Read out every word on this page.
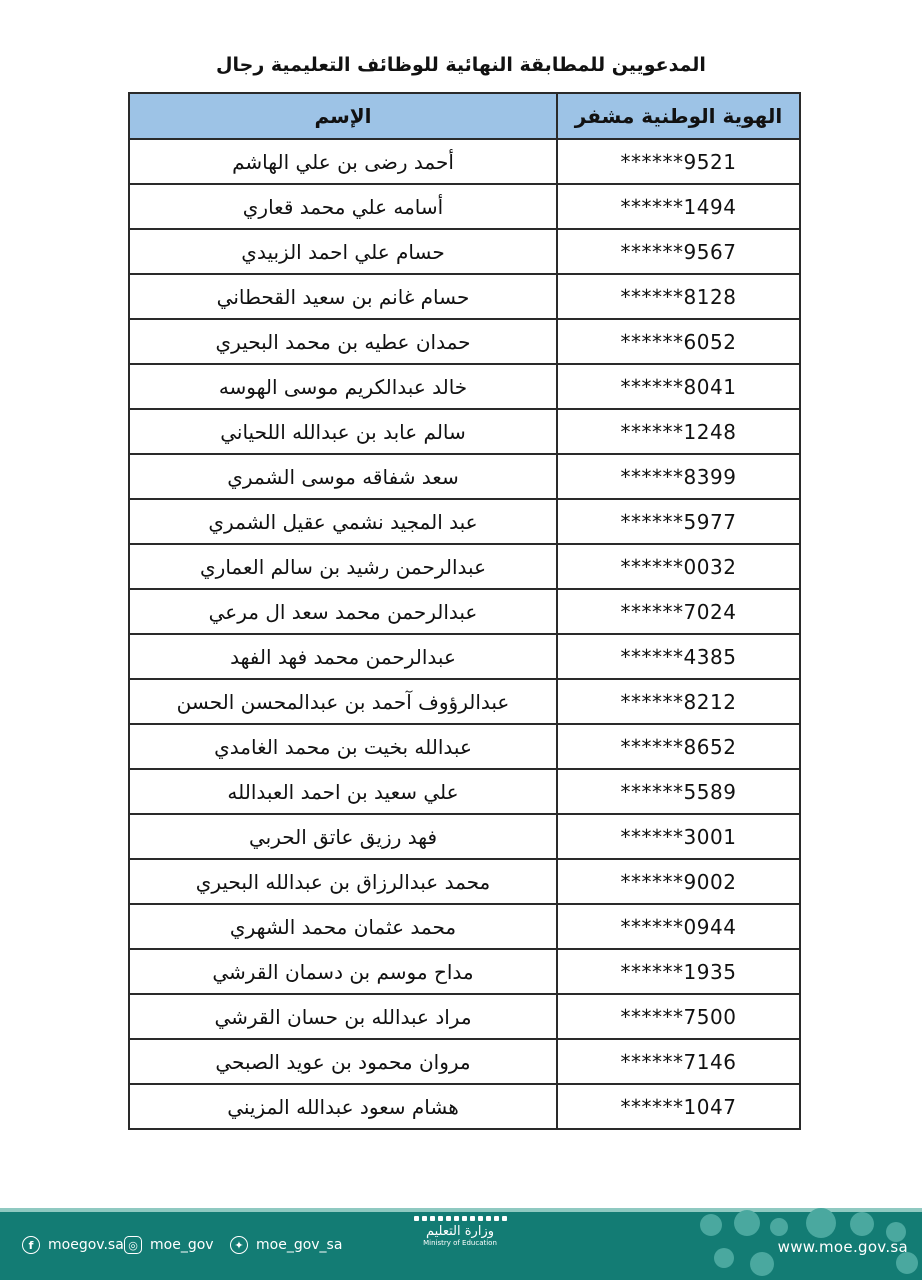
المدعويين للمطابقة النهائية للوظائف التعليمية رجال
الهوية الوطنية مشفر	الإسم
******9521	أحمد رضى بن علي الهاشم
******1494	أسامه علي محمد قعاري
******9567	حسام علي احمد الزبيدي
******8128	حسام غانم بن سعيد القحطاني
******6052	حمدان عطيه بن محمد البحيري
******8041	خالد عبدالكريم موسى الهوسه
******1248	سالم عابد بن عبدالله اللحياني
******8399	سعد شفاقه موسى الشمري
******5977	عبد المجيد نشمي عقيل الشمري
******0032	عبدالرحمن رشيد بن سالم العماري
******7024	عبدالرحمن محمد سعد ال مرعي
******4385	عبدالرحمن محمد فهد الفهد
******8212	عبدالرؤوف آحمد بن عبدالمحسن الحسن
******8652	عبدالله بخيت بن محمد الغامدي
******5589	علي سعيد بن احمد العبدالله
******3001	فهد رزيق عاتق الحربي
******9002	محمد عبدالرزاق بن عبدالله البحيري
******0944	محمد عثمان محمد الشهري
******1935	مداح موسم بن دسمان القرشي
******7500	مراد عبدالله بن حسان القرشي
******7146	مروان محمود بن عويد الصبحي
******1047	هشام سعود عبدالله المزيني
f	moegov.sa ◎ moe_gov	✦ moe_gov_sa
وزارة التعليم
Ministry of Education	www.moe.gov.sa
